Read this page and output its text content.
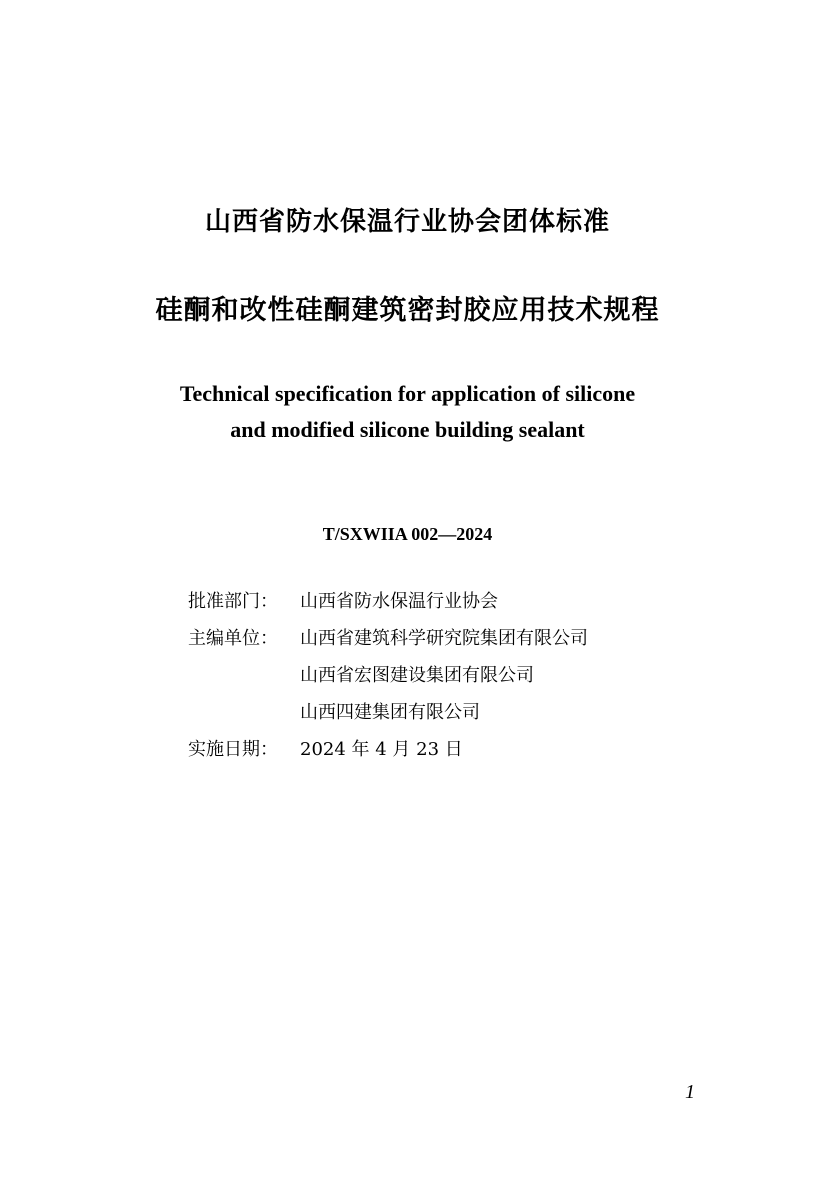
山西省防水保温行业协会团体标准
硅酮和改性硅酮建筑密封胶应用技术规程
Technical specification for application of silicone
and modified silicone building sealant
T/SXWIIA 002—2024
批准部门：	山西省防水保温行业协会
主编单位：	山西省建筑科学研究院集团有限公司
山西省宏图建设集团有限公司
山西四建集团有限公司
实施日期：	2024 年 4 月 23 日
1
